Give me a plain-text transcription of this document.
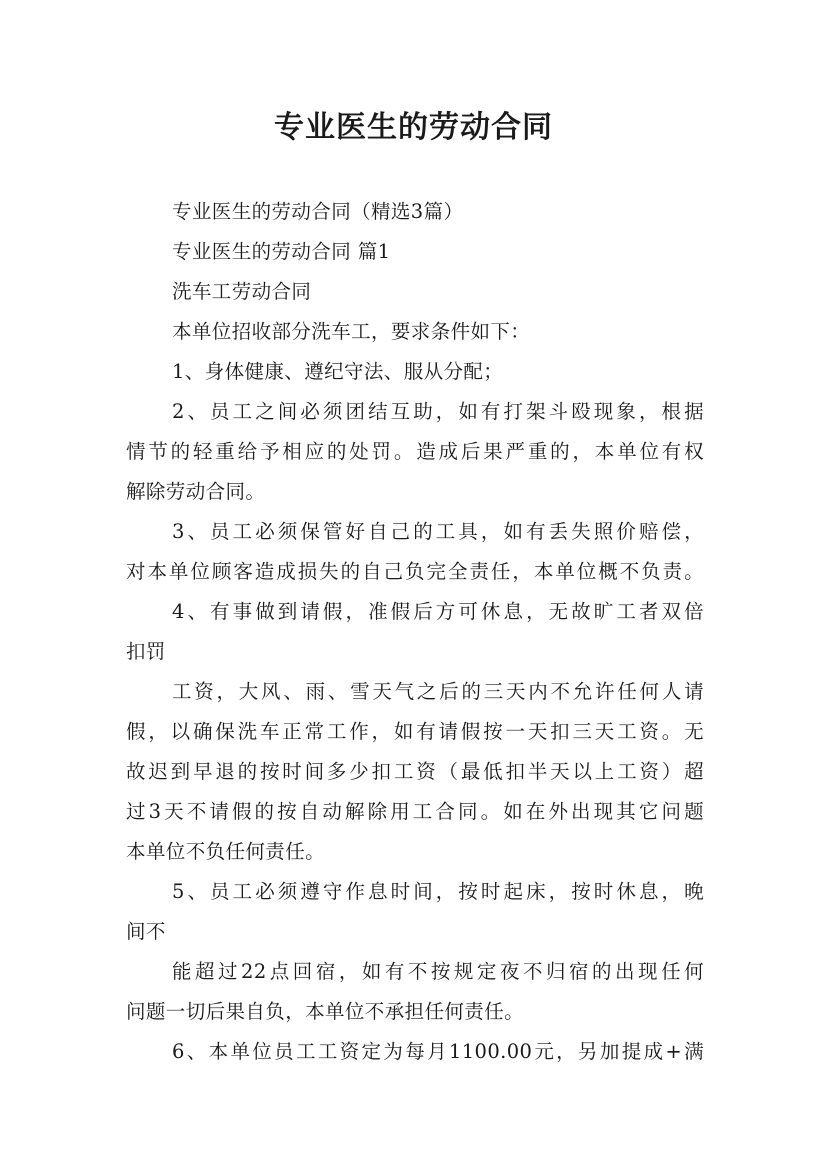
专业医生的劳动合同
专业医生的劳动合同（精选3篇）
专业医生的劳动合同 篇1
洗车工劳动合同
本单位招收部分洗车工，要求条件如下：
1、身体健康、遵纪守法、服从分配；
2、员工之间必须团结互助，如有打架斗殴现象，根据
情节的轻重给予相应的处罚。造成后果严重的，本单位有权
解除劳动合同。
3、员工必须保管好自己的工具，如有丢失照价赔偿，
对本单位顾客造成损失的自己负完全责任，本单位概不负责。
4、有事做到请假，准假后方可休息，无故旷工者双倍
扣罚
工资，大风、雨、雪天气之后的三天内不允许任何人请
假，以确保洗车正常工作，如有请假按一天扣三天工资。无
故迟到早退的按时间多少扣工资（最低扣半天以上工资）超
过3天不请假的按自动解除用工合同。如在外出现其它问题
本单位不负任何责任。
5、员工必须遵守作息时间，按时起床，按时休息，晚
间不
能超过22点回宿，如有不按规定夜不归宿的出现任何
问题一切后果自负，本单位不承担任何责任。
6、本单位员工工资定为每月1100.00元，另加提成+满
